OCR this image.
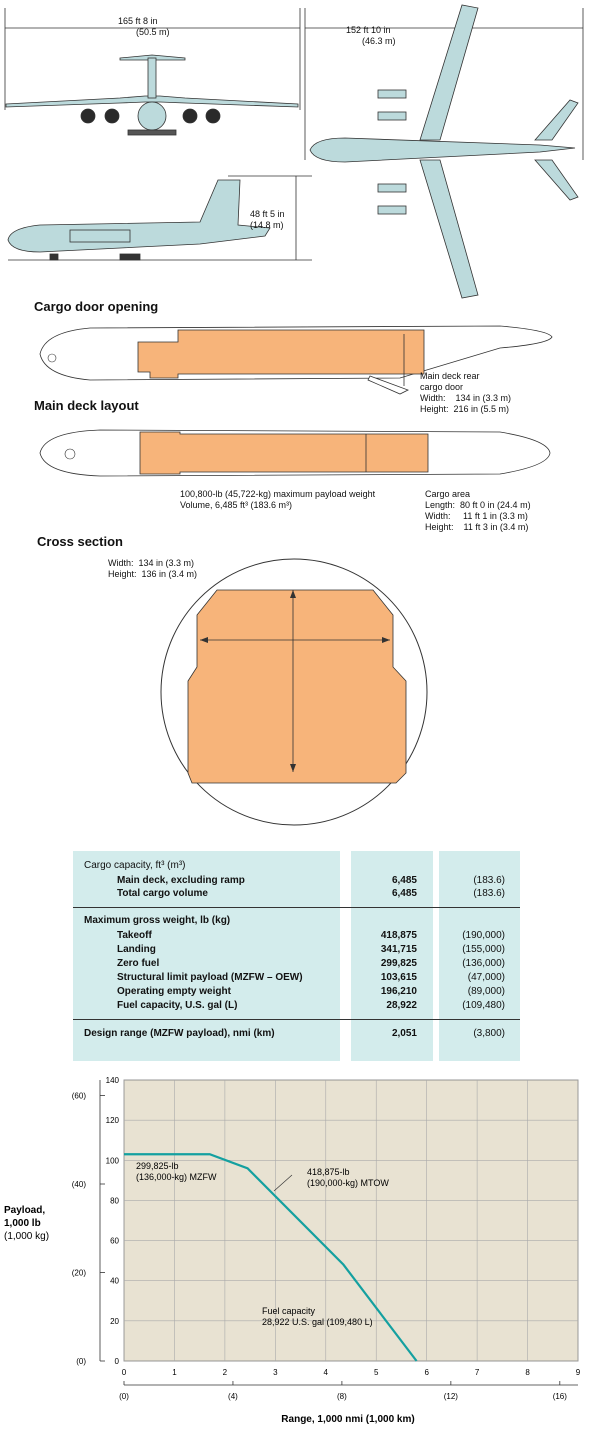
165 ft 8 in
(50.5 m)	152 ft 10 in
(46.3 m)
48 ft 5 in
(14.8 m)
Cargo door opening
Main deck rear
cargo door
Width:    134 in (3.3 m)
Height:  216 in (5.5 m)
Main deck layout
100,800-lb (45,722-kg) maximum payload weight
Volume, 6,485 ft³ (183.6 m³)
Cargo area
Length:  80 ft 0 in (24.4 m)
Width:     11 ft 1 in (3.3 m)
Height:    11 ft 3 in (3.4 m)
Cross section
Width:  134 in (3.3 m)
Height:  136 in (3.4 m)
Cargo capacity, ft³ (m³)
Main deck, excluding ramp	6,485	(183.6)
Total cargo volume	6,485	(183.6)
Maximum gross weight, lb (kg)
Takeoff	418,875	(190,000)
Landing	341,715	(155,000)
Zero fuel	299,825	(136,000)
Structural limit payload (MZFW – OEW)	103,615	(47,000)
Operating empty weight	196,210	(89,000)
Fuel capacity, U.S. gal (L)	28,922	(109,480)
Design range (MZFW payload), nmi (km)	2,051	(3,800)
0
20
40
60
80
100
120
140
(0)
(20)
(40)
(60)
0	1	2	3	4	5	6	7	8	9
(0)	(4)	(8)	(12)	(16)
299,825-lb
(136,000-kg) MZFW	418,875-lb
(190,000-kg) MTOW
Fuel capacity
28,922 U.S. gal (109,480 L)
Payload,
1,000 lb
(1,000 kg)
Range, 1,000 nmi (1,000 km)
